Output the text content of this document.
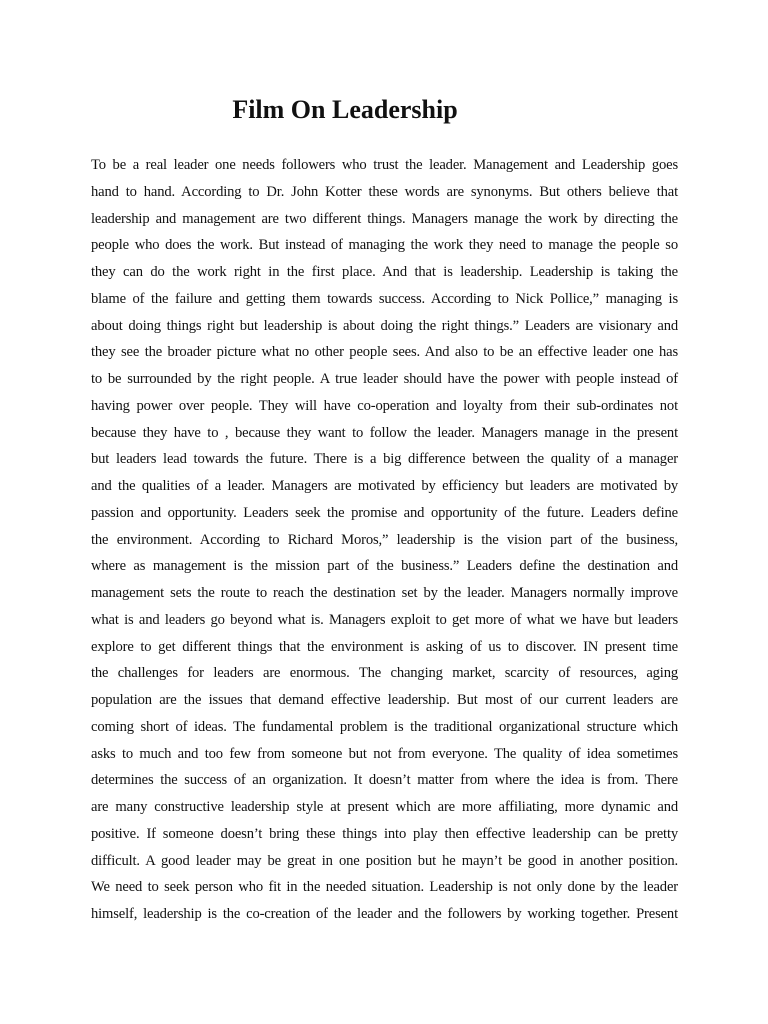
Film On Leadership
To be a real leader one needs followers who trust the leader. Management and Leadership goes
hand to hand. According to Dr. John Kotter these words are synonyms. But others believe that
leadership and management are two different things. Managers manage the work by directing the
people who does the work. But instead of managing the work they need to manage the people so
they can do the work right in the first place. And that is leadership. Leadership is taking the
blame of the failure and getting them towards success. According to Nick Pollice,” managing is
about doing things right but leadership is about doing the right things.” Leaders are visionary and
they see the broader picture what no other people sees. And also to be an effective leader one has
to be surrounded by the right people. A true leader should have the power with people instead of
having power over people. They will have co-operation and loyalty from their sub-ordinates not
because they have to , because they want to follow the leader. Managers manage in the present
but leaders lead towards the future. There is a big difference between the quality of a manager
and the qualities of a leader. Managers are motivated by efficiency but leaders are motivated by
passion and opportunity. Leaders seek the promise and opportunity of the future. Leaders define
the environment. According to Richard Moros,” leadership is the vision part of the business,
where as management is the mission part of the business.” Leaders define the destination and
management sets the route to reach the destination set by the leader. Managers normally improve
what is and leaders go beyond what is. Managers exploit to get more of what we have but leaders
explore to get different things that the environment is asking of us to discover. IN present time
the challenges for leaders are enormous. The changing market, scarcity of resources, aging
population are the issues that demand effective leadership. But most of our current leaders are
coming short of ideas. The fundamental problem is the traditional organizational structure which
asks to much and too few from someone but not from everyone. The quality of idea sometimes
determines the success of an organization. It doesn’t matter from where the idea is from. There
are many constructive leadership style at present which are more affiliating, more dynamic and
positive. If someone doesn’t bring these things into play then effective leadership can be pretty
difficult. A good leader may be great in one position but he mayn’t be good in another position.
We need to seek person who fit in the needed situation. Leadership is not only done by the leader
himself, leadership is the co-creation of the leader and the followers by working together. Present
